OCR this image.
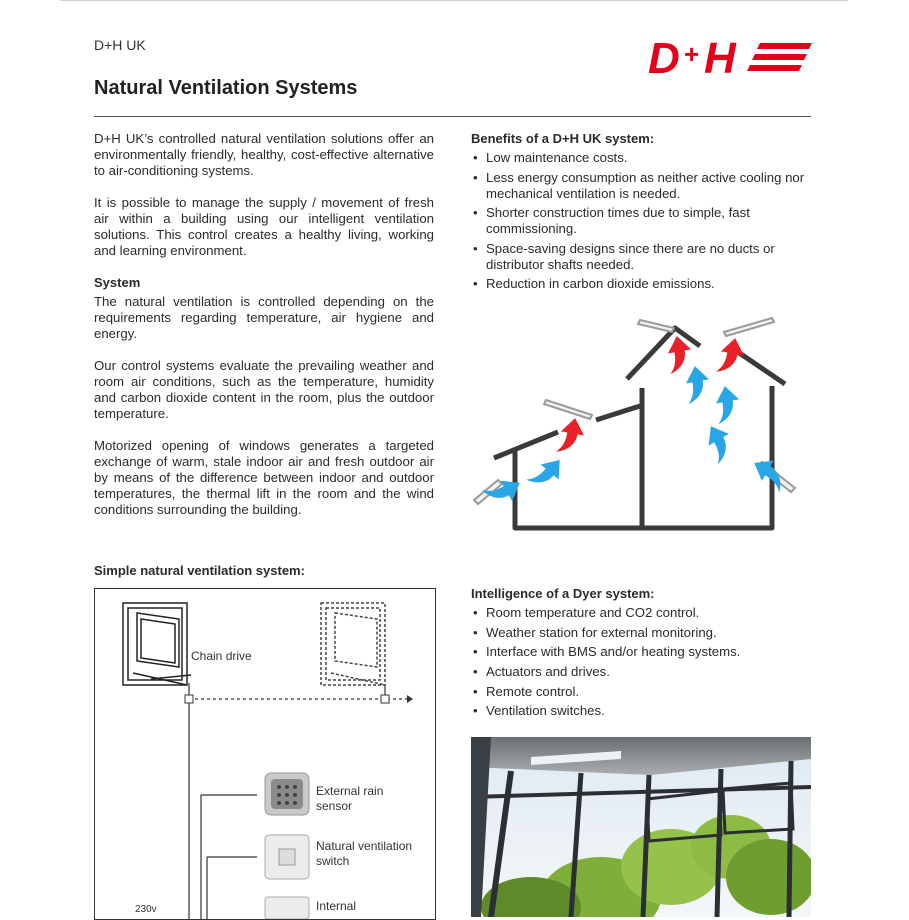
D+H UK	D + H
Natural Ventilation Systems

D+H UK’s controlled natural ventilation solutions offer an environmentally friendly, healthy, cost-effective alternative to air-conditioning systems.

It is possible to manage the supply / movement of fresh air within a building using our intelligent ventilation solutions. This control creates a healthy living, working and learning environment.

System

The natural ventilation is controlled depending on the requirements regarding temperature, air hygiene and energy.

Our control systems evaluate the prevailing weather and room air conditions, such as the temperature, humidity and carbon dioxide content in the room, plus the outdoor temperature.

Motorized opening of windows generates a targeted exchange of warm, stale indoor air and fresh outdoor air by means of the difference between indoor and outdoor temperatures, the thermal lift in the room and the wind conditions surrounding the building.

Benefits of a D+H UK system:
• Low maintenance costs.
• Less energy consumption as neither active cooling nor mechanical ventilation is needed.
• Shorter construction times due to simple, fast commissioning.
• Space-saving designs since there are no ducts or distributor shafts needed.
• Reduction in carbon dioxide emissions.
Simple natural ventilation system:
Chain drive
External rain sensor
Natural ventilation switch
Internal
230v
Intelligence of a Dyer system:
• Room temperature and CO2 control.
• Weather station for external monitoring.
• Interface with BMS and/or heating systems.
• Actuators and drives.
• Remote control.
• Ventilation switches.
